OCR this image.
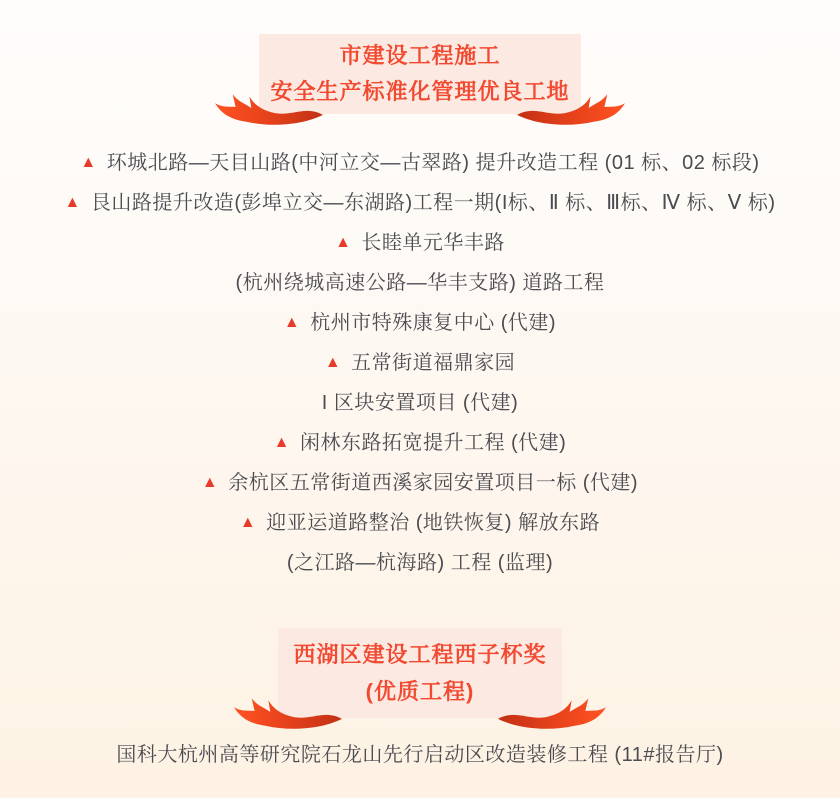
市建设工程施工
安全生产标准化管理优良工地
▲ 环城北路—天目山路(中河立交—古翠路) 提升改造工程 (01 标、02 标段)
▲ 艮山路提升改造(彭埠立交—东湖路)工程一期(I标、Ⅱ 标、Ⅲ标、Ⅳ 标、Ⅴ 标)
▲ 长睦单元华丰路
(杭州绕城高速公路—华丰支路) 道路工程
▲ 杭州市特殊康复中心 (代建)
▲ 五常街道福鼎家园
I 区块安置项目 (代建)
▲ 闲林东路拓宽提升工程 (代建)
▲ 余杭区五常街道西溪家园安置项目一标 (代建)
▲ 迎亚运道路整治 (地铁恢复) 解放东路
(之江路—杭海路) 工程 (监理)
西湖区建设工程西子杯奖
(优质工程)
国科大杭州高等研究院石龙山先行启动区改造装修工程 (11#报告厅)
